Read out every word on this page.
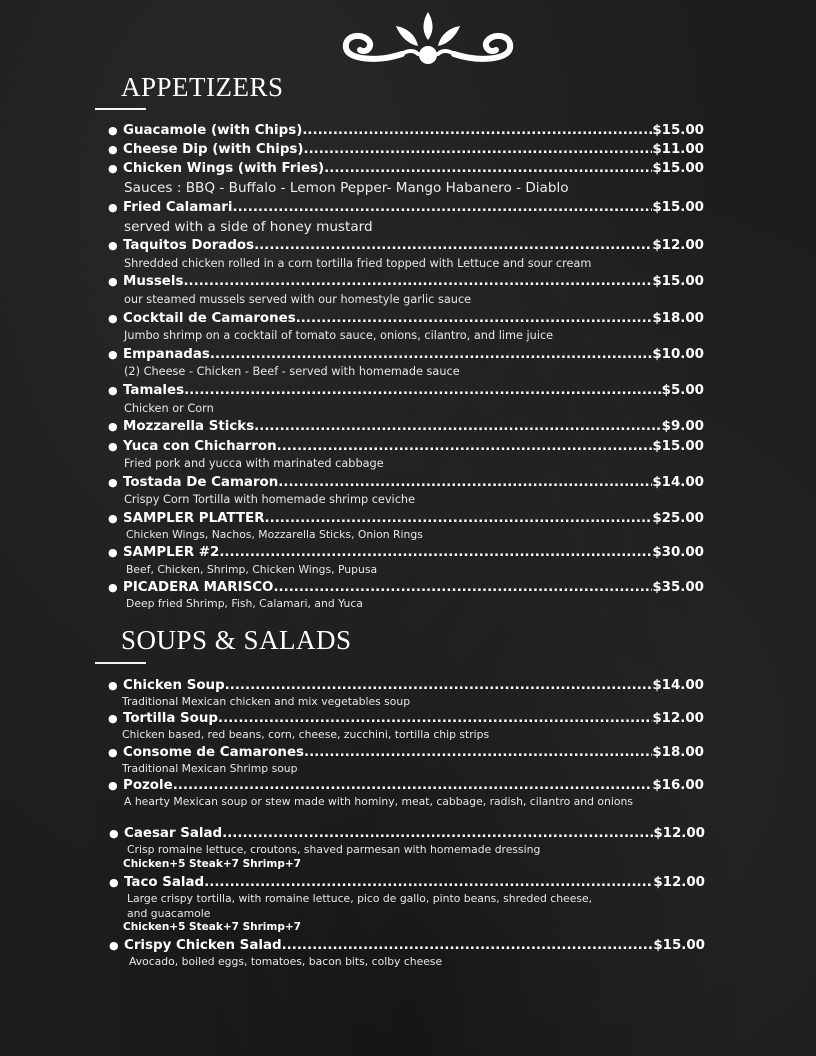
APPETIZERS
● Guacamole (with Chips) .....	$15.00
● Cheese Dip (with Chips) .....	$11.00
● Chicken Wings (with Fries) .....	$15.00
Sauces : BBQ - Buffalo - Lemon Pepper- Mango Habanero - Diablo
● Fried Calamari .....	$15.00
served with a side of honey mustard
● Taquitos Dorados .....	$12.00
Shredded chicken rolled in a corn tortilla fried topped with Lettuce and sour cream
● Mussels .....	$15.00
our steamed mussels served with our homestyle garlic sauce
● Cocktail de Camarones .....	$18.00
Jumbo shrimp on a cocktail of tomato sauce, onions, cilantro, and lime juice
● Empanadas .....	$10.00
(2) Cheese - Chicken - Beef - served with homemade sauce
● Tamales .....	$5.00
Chicken or Corn
● Mozzarella Sticks .....	$9.00
● Yuca con Chicharron .....	$15.00
Fried pork and yucca with marinated cabbage
● Tostada De Camaron .....	$14.00
Crispy Corn Tortilla with homemade shrimp ceviche
● SAMPLER PLATTER .....	$25.00
Chicken Wings, Nachos, Mozzarella Sticks, Onion Rings
● SAMPLER #2 .....	$30.00
Beef, Chicken, Shrimp, Chicken Wings, Pupusa
● PICADERA MARISCO .....	$35.00
Deep fried Shrimp, Fish, Calamari, and Yuca
SOUPS & SALADS
● Chicken Soup .....	$14.00
Traditional Mexican chicken and mix vegetables soup
● Tortilla Soup .....	$12.00
Chicken based, red beans, corn, cheese, zucchini, tortilla chip strips
● Consome de Camarones .....	$18.00
Traditional Mexican Shrimp soup
● Pozole .....	$16.00
A hearty Mexican soup or stew made with hominy, meat, cabbage, radish, cilantro and onions
● Caesar Salad .....	$12.00
Crisp romaine lettuce, croutons, shaved parmesan with homemade dressing
Chicken+5 Steak+7 Shrimp+7
● Taco Salad .....	$12.00
Large crispy tortilla, with romaine lettuce, pico de gallo, pinto beans, shreded cheese,
and guacamole
Chicken+5 Steak+7 Shrimp+7
● Crispy Chicken Salad .....	$15.00
Avocado, boiled eggs, tomatoes, bacon bits, colby cheese
